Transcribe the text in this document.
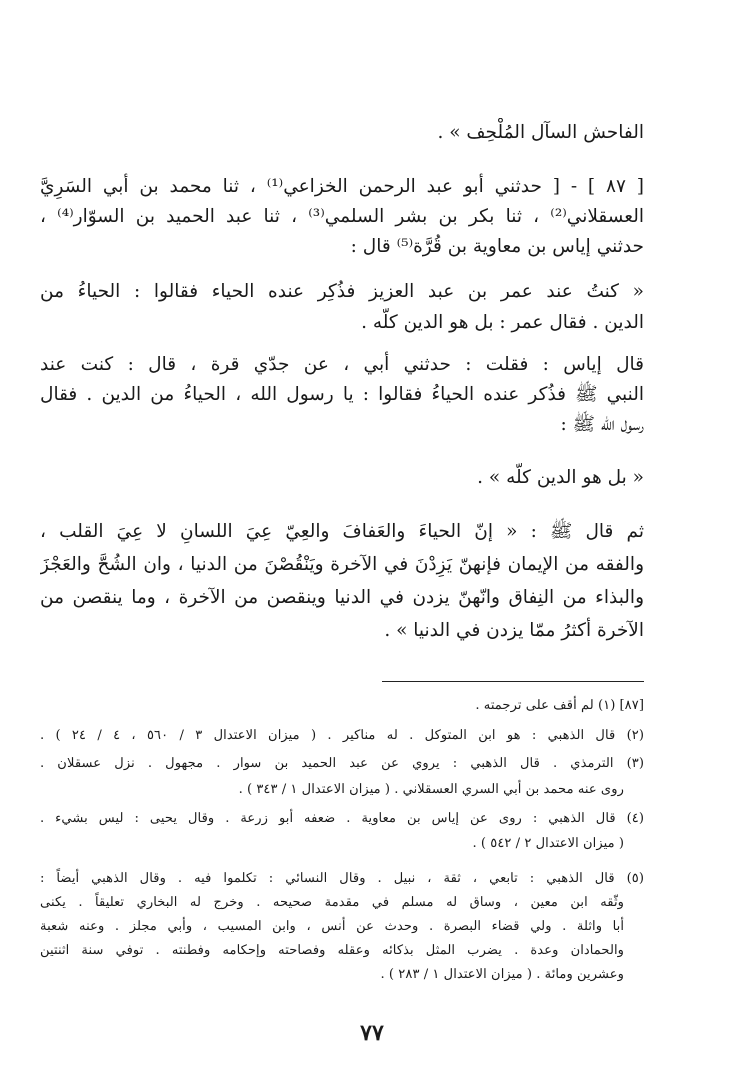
الفاحش السآل المُلْحِف » .
[ ٨٧ ] - [ حدثني أبو عبد الرحمن الخزاعي⁽¹⁾ ، ثنا محمد بن أبي السَرِيَّ
العسقلاني⁽²⁾ ، ثنا بكر بن بشر السلمي⁽³⁾ ، ثنا عبد الحميد بن السوّار⁽⁴⁾ ،
حدثني إياس بن معاوية بن قُرَّة⁽⁵⁾ قال :
« كنتُ عند عمر بن عبد العزيز فذُكِر عنده الحياء فقالوا : الحياءُ من
الدين . فقال عمر : بل هو الدين كلّه .
قال إياس : فقلت : حدثني أبي ، عن جدّي قرة ، قال : كنت عند
النبي ﷺ فذُكر عنده الحياءُ فقالوا : يا رسول الله ، الحياءُ من الدين . فقال
رسول الله ﷺ :
« بل هو الدين كلّه » .
ثم قال ﷺ : « إنّ الحياءَ والعَفافَ والعِيّ عِيَ اللسانِ لا عِيَ القلب ،
والفقه من الإيمان فإنهنّ يَزِدْنَ في الآخرة ويَنْقُصْنَ من الدنيا ، وان الشُحَّ والعَجْزَ
والبذاء من النِفاق وانّهنّ يزدن في الدنيا وينقصن من الآخرة ، وما ينقصن من
الآخرة أكثرُ ممّا يزدن في الدنيا » .
[٨٧] (١) لم أقف على ترجمته .
(٢) قال الذهبي : هو ابن المتوكل . له مناكير . ( ميزان الاعتدال ٣ / ٥٦٠ ، ٤ / ٢٤ ) .
(٣) الترمذي . قال الذهبي : يروي عن عبد الحميد بن سوار . مجهول . نزل عسقلان .
روى عنه محمد بن أبي السري العسقلاني . ( ميزان الاعتدال ١ / ٣٤٣ ) .
(٤) قال الذهبي : روى عن إياس بن معاوية . ضعفه أبو زرعة . وقال يحيى : ليس بشيء .
( ميزان الاعتدال ٢ / ٥٤٢ ) .
(٥) قال الذهبي : تابعي ، ثقة ، نبيل . وقال النسائي : تكلموا فيه . وقال الذهبي أيضاً :
وثّقه ابن معين ، وساق له مسلم في مقدمة صحيحه . وخرج له البخاري تعليقاً . يكنى
أبا واثلة . ولي قضاء البصرة . وحدث عن أنس ، وابن المسيب ، وأبي مجلز . وعنه شعبة
والحمادان وعدة . يضرب المثل بذكائه وعقله وفصاحته وإحكامه وفطنته . توفي سنة اثنتين
وعشرين ومائة . ( ميزان الاعتدال ١ / ٢٨٣ ) .
٧٧
